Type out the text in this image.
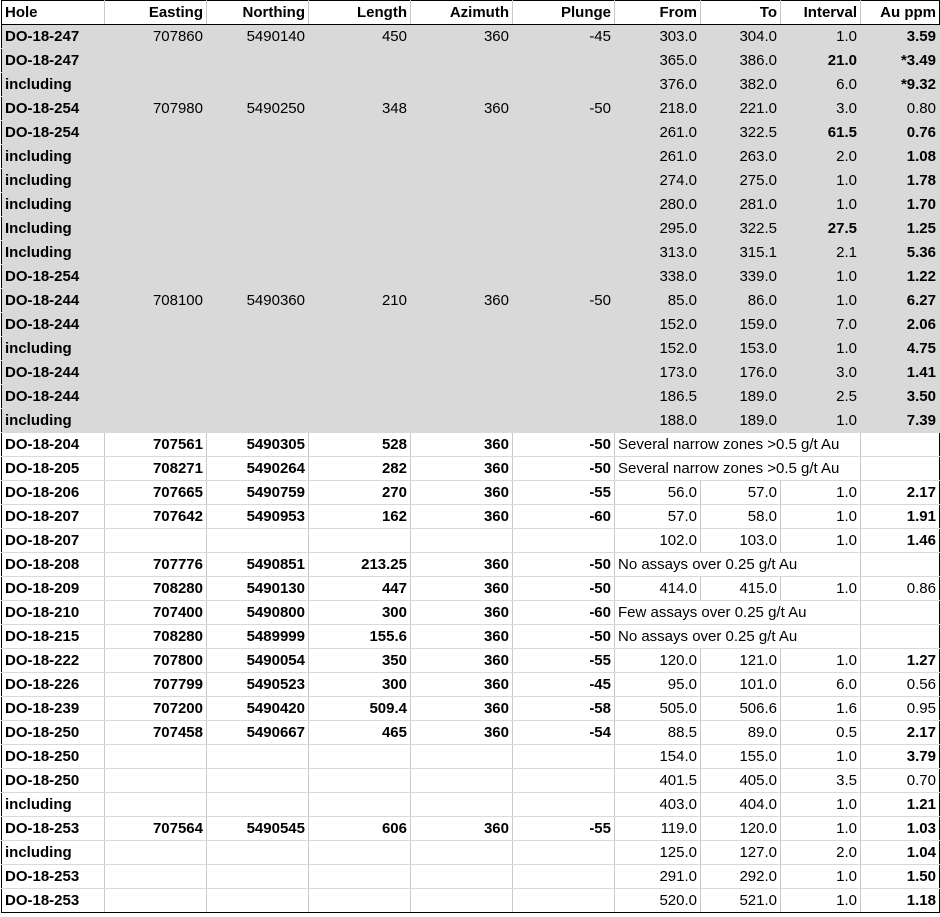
Hole	Easting	Northing	Length	Azimuth	Plunge	From	To	Interval	Au ppm
DO-18-247	707860	5490140	450	360	-45	303.0	304.0	1.0	3.59
DO-18-247						365.0	386.0	21.0	*3.49
including						376.0	382.0	6.0	*9.32
DO-18-254	707980	5490250	348	360	-50	218.0	221.0	3.0	0.80
DO-18-254						261.0	322.5	61.5	0.76
including						261.0	263.0	2.0	1.08
including						274.0	275.0	1.0	1.78
including						280.0	281.0	1.0	1.70
Including						295.0	322.5	27.5	1.25
Including						313.0	315.1	2.1	5.36
DO-18-254						338.0	339.0	1.0	1.22
DO-18-244	708100	5490360	210	360	-50	85.0	86.0	1.0	6.27
DO-18-244						152.0	159.0	7.0	2.06
including						152.0	153.0	1.0	4.75
DO-18-244						173.0	176.0	3.0	1.41
DO-18-244						186.5	189.0	2.5	3.50
including						188.0	189.0	1.0	7.39
DO-18-204	707561	5490305	528	360	-50	Several narrow zones >0.5 g/t Au			
DO-18-205	708271	5490264	282	360	-50	Several narrow zones >0.5 g/t Au			
DO-18-206	707665	5490759	270	360	-55	56.0	57.0	1.0	2.17
DO-18-207	707642	5490953	162	360	-60	57.0	58.0	1.0	1.91
DO-18-207						102.0	103.0	1.0	1.46
DO-18-208	707776	5490851	213.25	360	-50	No assays over 0.25 g/t Au			
DO-18-209	708280	5490130	447	360	-50	414.0	415.0	1.0	0.86
DO-18-210	707400	5490800	300	360	-60	Few assays over 0.25 g/t Au			
DO-18-215	708280	5489999	155.6	360	-50	No assays over 0.25 g/t Au			
DO-18-222	707800	5490054	350	360	-55	120.0	121.0	1.0	1.27
DO-18-226	707799	5490523	300	360	-45	95.0	101.0	6.0	0.56
DO-18-239	707200	5490420	509.4	360	-58	505.0	506.6	1.6	0.95
DO-18-250	707458	5490667	465	360	-54	88.5	89.0	0.5	2.17
DO-18-250						154.0	155.0	1.0	3.79
DO-18-250						401.5	405.0	3.5	0.70
including						403.0	404.0	1.0	1.21
DO-18-253	707564	5490545	606	360	-55	119.0	120.0	1.0	1.03
including						125.0	127.0	2.0	1.04
DO-18-253						291.0	292.0	1.0	1.50
DO-18-253						520.0	521.0	1.0	1.18
